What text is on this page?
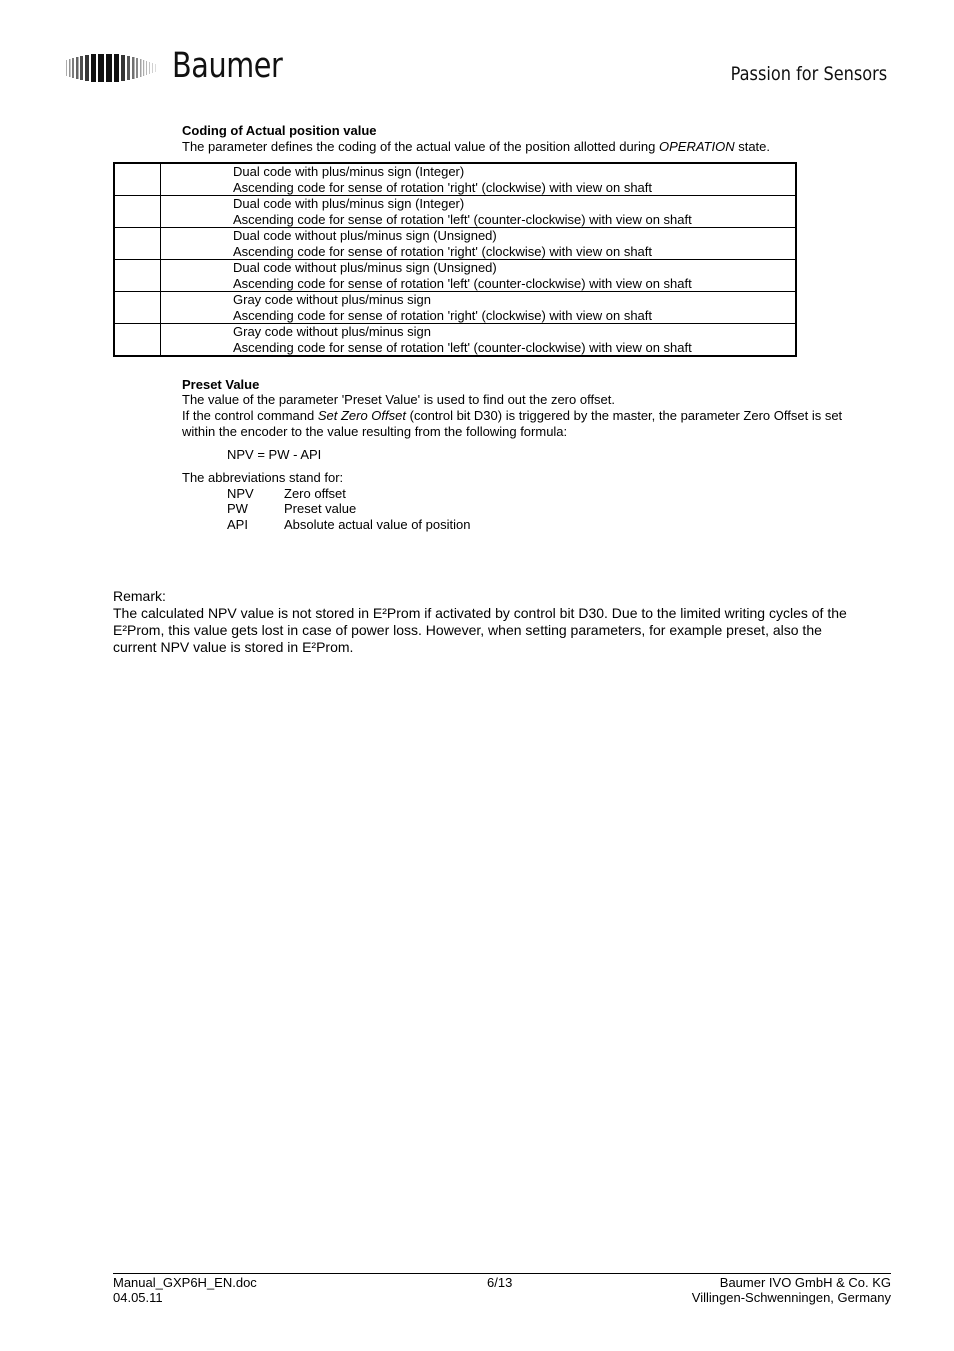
Baumer	Passion for Sensors
Coding of Actual position value
The parameter defines the coding of the actual value of the position allotted during OPERATION state.

	Dual code with plus/minus sign (Integer)
Ascending code for sense of rotation 'right' (clockwise) with view on shaft

	Dual code with plus/minus sign (Integer)
Ascending code for sense of rotation 'left' (counter-clockwise) with view on shaft

	Dual code without plus/minus sign (Unsigned)
Ascending code for sense of rotation 'right' (clockwise) with view on shaft

	Dual code without plus/minus sign (Unsigned)
Ascending code for sense of rotation 'left' (counter-clockwise) with view on shaft

	Gray code without plus/minus sign
Ascending code for sense of rotation 'right' (clockwise) with view on shaft

	Gray code without plus/minus sign
Ascending code for sense of rotation 'left' (counter-clockwise) with view on shaft
Preset Value
The value of the parameter 'Preset Value' is used to find out the zero offset.
If the control command Set Zero Offset (control bit D30) is triggered by the master, the parameter Zero Offset is set
within the encoder to the value resulting from the following formula:
NPV = PW - API
The abbreviations stand for:
NPV Zero offset
PW	Preset value
API	Absolute actual value of position
Remark:
The calculated NPV value is not stored in E²Prom if activated by control bit D30. Due to the limited writing cycles of the
E²Prom, this value gets lost in case of power loss. However, when setting parameters, for example preset, also the
current NPV value is stored in E²Prom.
Manual_GXP6H_EN.doc
04.05.11
6/13	Baumer IVO GmbH & Co. KG
Villingen-Schwenningen, Germany
